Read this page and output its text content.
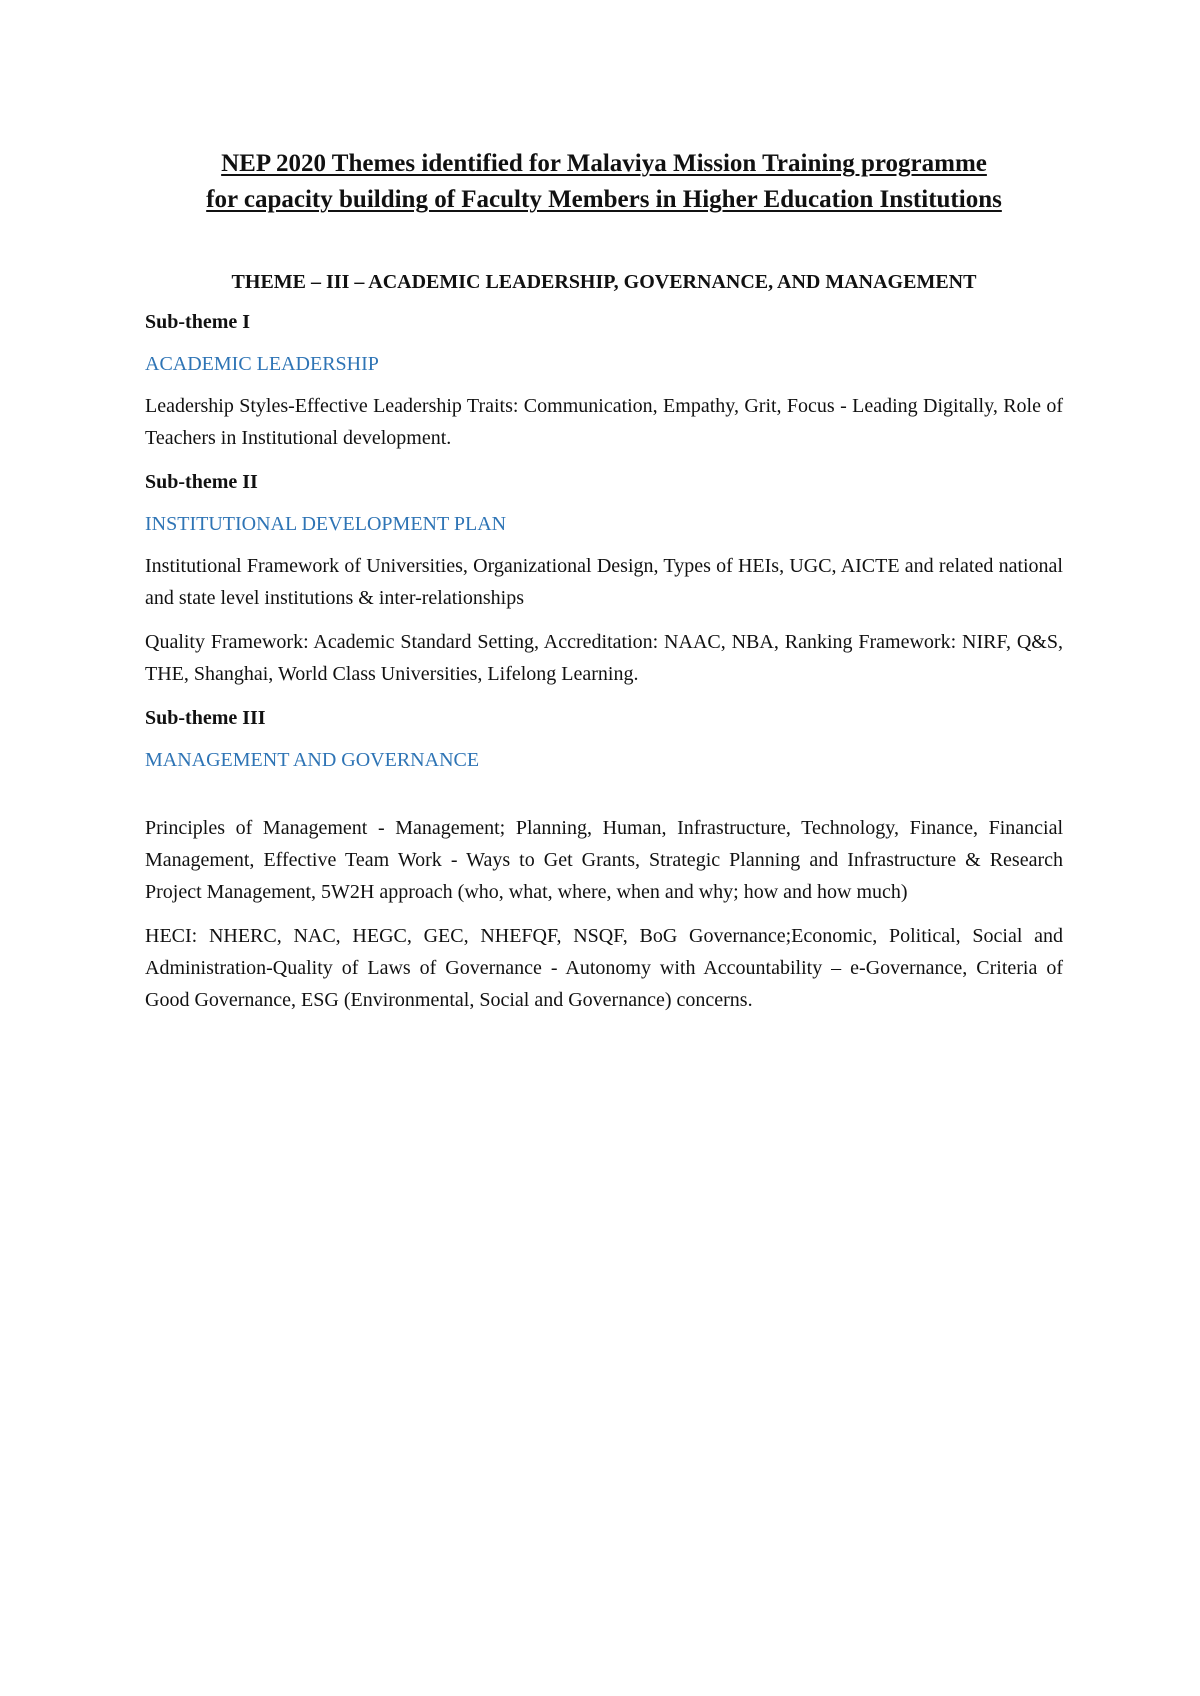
NEP 2020 Themes identified for Malaviya Mission Training programme
for capacity building of Faculty Members in Higher Education Institutions
THEME – III – ACADEMIC LEADERSHIP, GOVERNANCE, AND MANAGEMENT
Sub-theme I
ACADEMIC LEADERSHIP

Leadership Styles-Effective Leadership Traits: Communication, Empathy, Grit, Focus - Leading Digitally, Role of Teachers in Institutional development.

Sub-theme II
INSTITUTIONAL DEVELOPMENT PLAN

Institutional Framework of Universities, Organizational Design, Types of HEIs, UGC, AICTE and related national and state level institutions & inter-relationships

Quality Framework: Academic Standard Setting, Accreditation: NAAC, NBA, Ranking Framework: NIRF, Q&S, THE, Shanghai, World Class Universities, Lifelong Learning.

Sub-theme III
MANAGEMENT AND GOVERNANCE

Principles of Management - Management; Planning, Human, Infrastructure, Technology, Finance, Financial Management, Effective Team Work - Ways to Get Grants, Strategic Planning and Infrastructure & Research Project Management, 5W2H approach (who, what, where, when and why; how and how much)

HECI: NHERC, NAC, HEGC, GEC, NHEFQF, NSQF, BoG Governance;Economic, Political, Social and Administration-Quality of Laws of Governance - Autonomy with Accountability – e-Governance, Criteria of Good Governance, ESG (Environmental, Social and Governance) concerns.
